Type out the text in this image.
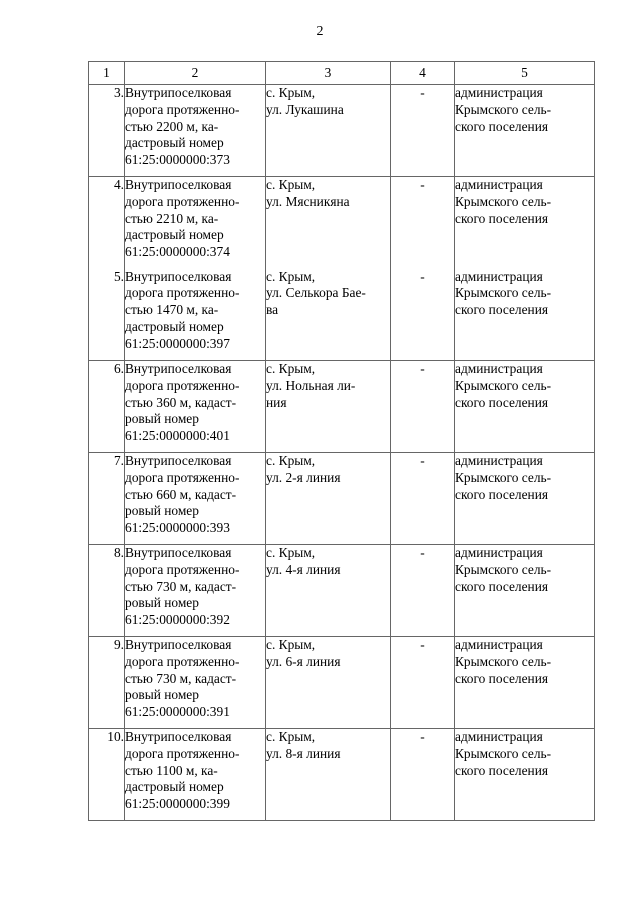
2
1	2	3	4	5
3.	Внутрипоселковая
дорога протяженно-
стью 2200 м, ка-
дастровый номер
61:25:0000000:373	с. Крым,
ул. Лукашина	-	администрация
Крымского сель-
ского поселения

4.	Внутрипоселковая
дорога протяженно-
стью 2210 м, ка-
дастровый номер
61:25:0000000:374	с. Крым,
ул. Мясникяна	-	администрация
Крымского сель-
ского поселения

5.	Внутрипоселковая
дорога протяженно-
стью 1470 м, ка-
дастровый номер
61:25:0000000:397	с. Крым,
ул. Селькора Бае-
ва	-	администрация
Крымского сель-
ского поселения

6.	Внутрипоселковая
дорога протяженно-
стью 360 м, кадаст-
ровый номер
61:25:0000000:401	с. Крым,
ул. Нольная ли-
ния	-	администрация
Крымского сель-
ского поселения

7.	Внутрипоселковая
дорога протяженно-
стью 660 м, кадаст-
ровый номер
61:25:0000000:393	с. Крым,
ул. 2-я линия	-	администрация
Крымского сель-
ского поселения

8.	Внутрипоселковая
дорога протяженно-
стью 730 м, кадаст-
ровый номер
61:25:0000000:392	с. Крым,
ул. 4-я линия	-	администрация
Крымского сель-
ского поселения

9.	Внутрипоселковая
дорога протяженно-
стью 730 м, кадаст-
ровый номер
61:25:0000000:391	с. Крым,
ул. 6-я линия	-	администрация
Крымского сель-
ского поселения

10.	Внутрипоселковая
дорога протяженно-
стью 1100 м, ка-
дастровый номер
61:25:0000000:399	с. Крым,
ул. 8-я линия	-	администрация
Крымского сель-
ского поселения
